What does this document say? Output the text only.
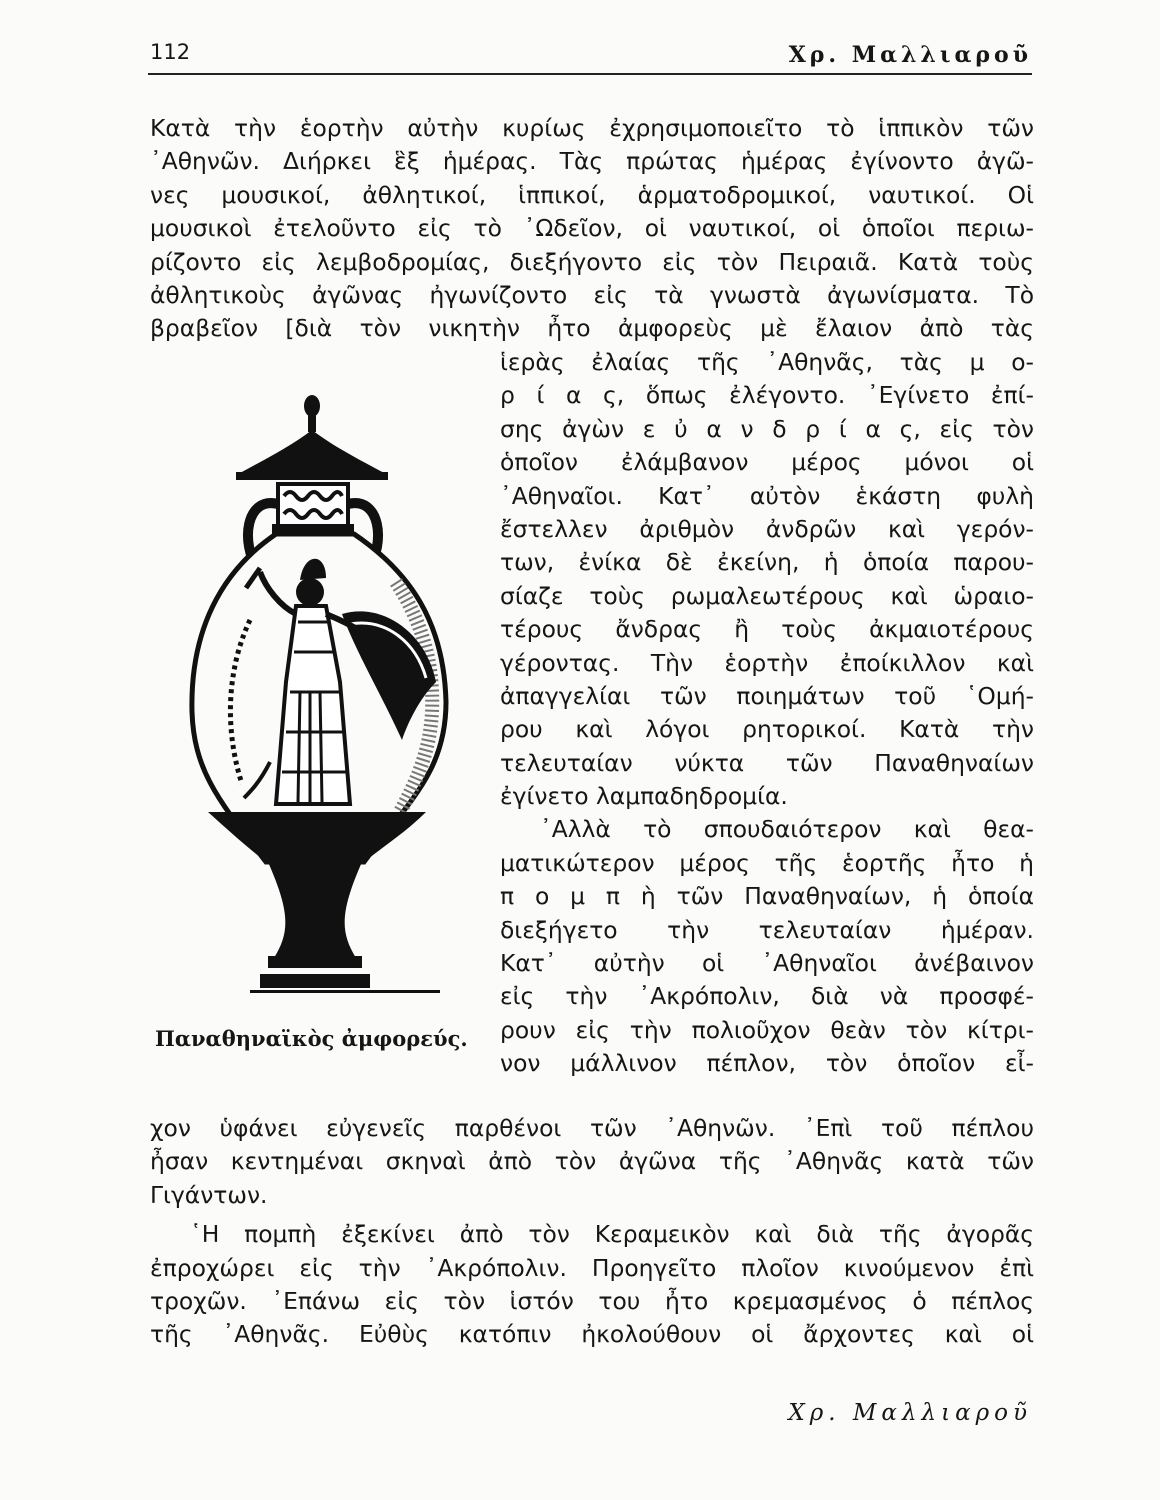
112	Χρ. Μαλλιαροῦ
Κατὰ τὴν ἑορτὴν αὐτὴν κυρίως ἐχρησιμοποιεῖτο τὸ ἱππικὸν τῶν
᾿Αθηνῶν. Διήρκει ἓξ ἡμέρας. Τὰς πρώτας ἡμέρας ἐγίνοντο ἀγῶ-
νες μουσικοί, ἀθλητικοί, ἱππικοί, ἁρματοδρομικοί, ναυτικοί. Οἱ
μουσικοὶ ἐτελοῦντο εἰς τὸ ᾿Ωδεῖον, οἱ ναυτικοί, οἱ ὁποῖοι περιω-
ρίζοντο εἰς λεμβοδρομίας, διεξήγοντο εἰς τὸν Πειραιᾶ. Κατὰ τοὺς
ἀθλητικοὺς ἀγῶνας ἠγωνίζοντο εἰς τὰ γνωστὰ ἀγωνίσματα. Τὸ
βραβεῖον [διὰ τὸν νικητὴν ἦτο ἀμφορεὺς μὲ ἔλαιον ἀπὸ τὰς
ἱερὰς ἐλαίας τῆς ᾿Αθηνᾶς, τὰς μ ο-
ρ ί α ς, ὅπως ἐλέγοντο. ᾿Εγίνετο ἐπί-
σης ἀγὼν ε ὐ α ν δ ρ ί α ς, εἰς τὸν
ὁποῖον ἐλάμβανον μέρος μόνοι οἱ
᾿Αθηναῖοι. Κατ᾿ αὐτὸν ἑκάστη φυλὴ
ἔστελλεν ἀριθμὸν ἀνδρῶν καὶ γερόν-
των, ἐνίκα δὲ ἐκείνη, ἡ ὁποία παρου-
σίαζε τοὺς ρωμαλεωτέρους καὶ ὡραιο-
τέρους ἄνδρας ἢ τοὺς ἀκμαιοτέρους
γέροντας. Τὴν ἑορτὴν ἐποίκιλλον καὶ
ἀπαγγελίαι τῶν ποιημάτων τοῦ ῾Ομή-
ρου καὶ λόγοι ρητορικοί. Κατὰ τὴν
τελευταίαν νύκτα τῶν Παναθηναίων
ἐγίνετο λαμπαδηδρομία.
᾿Αλλὰ τὸ σπουδαιότερον καὶ θεα-
ματικώτερον μέρος τῆς ἑορτῆς ἦτο ἡ
π ο μ π ὴ τῶν Παναθηναίων, ἡ ὁποία
διεξήγετο τὴν τελευταίαν ἡμέραν.
Κατ᾿ αὐτὴν οἱ ᾿Αθηναῖοι ἀνέβαινον
εἰς τὴν ᾿Ακρόπολιν, διὰ νὰ προσφέ-
ρουν εἰς τὴν πολιοῦχον θεὰν τὸν κίτρι-
νον μάλλινον πέπλον, τὸν ὁποῖον εἶ-
χον ὑφάνει εὐγενεῖς παρθένοι τῶν ᾿Αθηνῶν. ᾿Επὶ τοῦ πέπλου
ἦσαν κεντημέναι σκηναὶ ἀπὸ τὸν ἀγῶνα τῆς ᾿Αθηνᾶς κατὰ τῶν
Γιγάντων.
῾Η πομπὴ ἐξεκίνει ἀπὸ τὸν Κεραμεικὸν καὶ διὰ τῆς ἀγορᾶς
ἐπροχώρει εἰς τὴν ᾿Ακρόπολιν. Προηγεῖτο πλοῖον κινούμενον ἐπὶ
τροχῶν. ᾿Επάνω εἰς τὸν ἱστόν του ἦτο κρεμασμένος ὁ πέπλος
τῆς ᾿Αθηνᾶς. Εὐθὺς κατόπιν ἠκολούθουν οἱ ἄρχοντες καὶ οἱ
Παναθηναϊκὸς ἀμφορεύς.
Χρ. Μαλλιαροῦ
